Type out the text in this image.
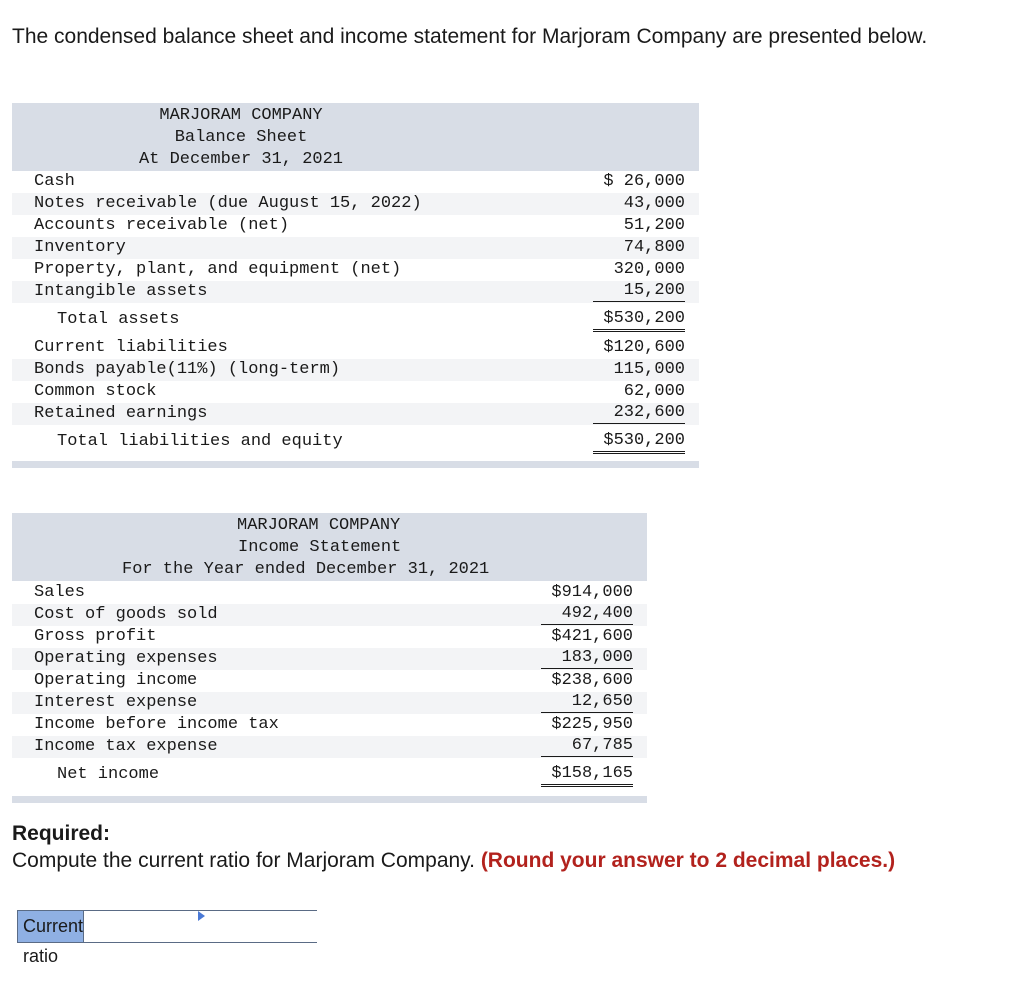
The condensed balance sheet and income statement for Marjoram Company are presented below.
MARJORAM COMPANY
Balance Sheet
At December 31, 2021
Cash	$ 26,000
Notes receivable (due August 15, 2022)	43,000
Accounts receivable (net)	51,200
Inventory	74,800
Property, plant, and equipment (net)	320,000
Intangible assets	15,200
Total assets	$530,200
Current liabilities	$120,600
Bonds payable(11%) (long-term)	115,000
Common stock	62,000
Retained earnings	232,600
Total liabilities and equity	$530,200
MARJORAM COMPANY
Income Statement
For the Year ended December 31, 2021
Sales	$914,000
Cost of goods sold	492,400
Gross profit	$421,600
Operating expenses	183,000
Operating income	$238,600
Interest expense	12,650
Income before income tax	$225,950
Income tax expense	67,785
Net income	$158,165
Required:
Compute the current ratio for Marjoram Company. (Round your answer to 2 decimal places.)
Current ratio
